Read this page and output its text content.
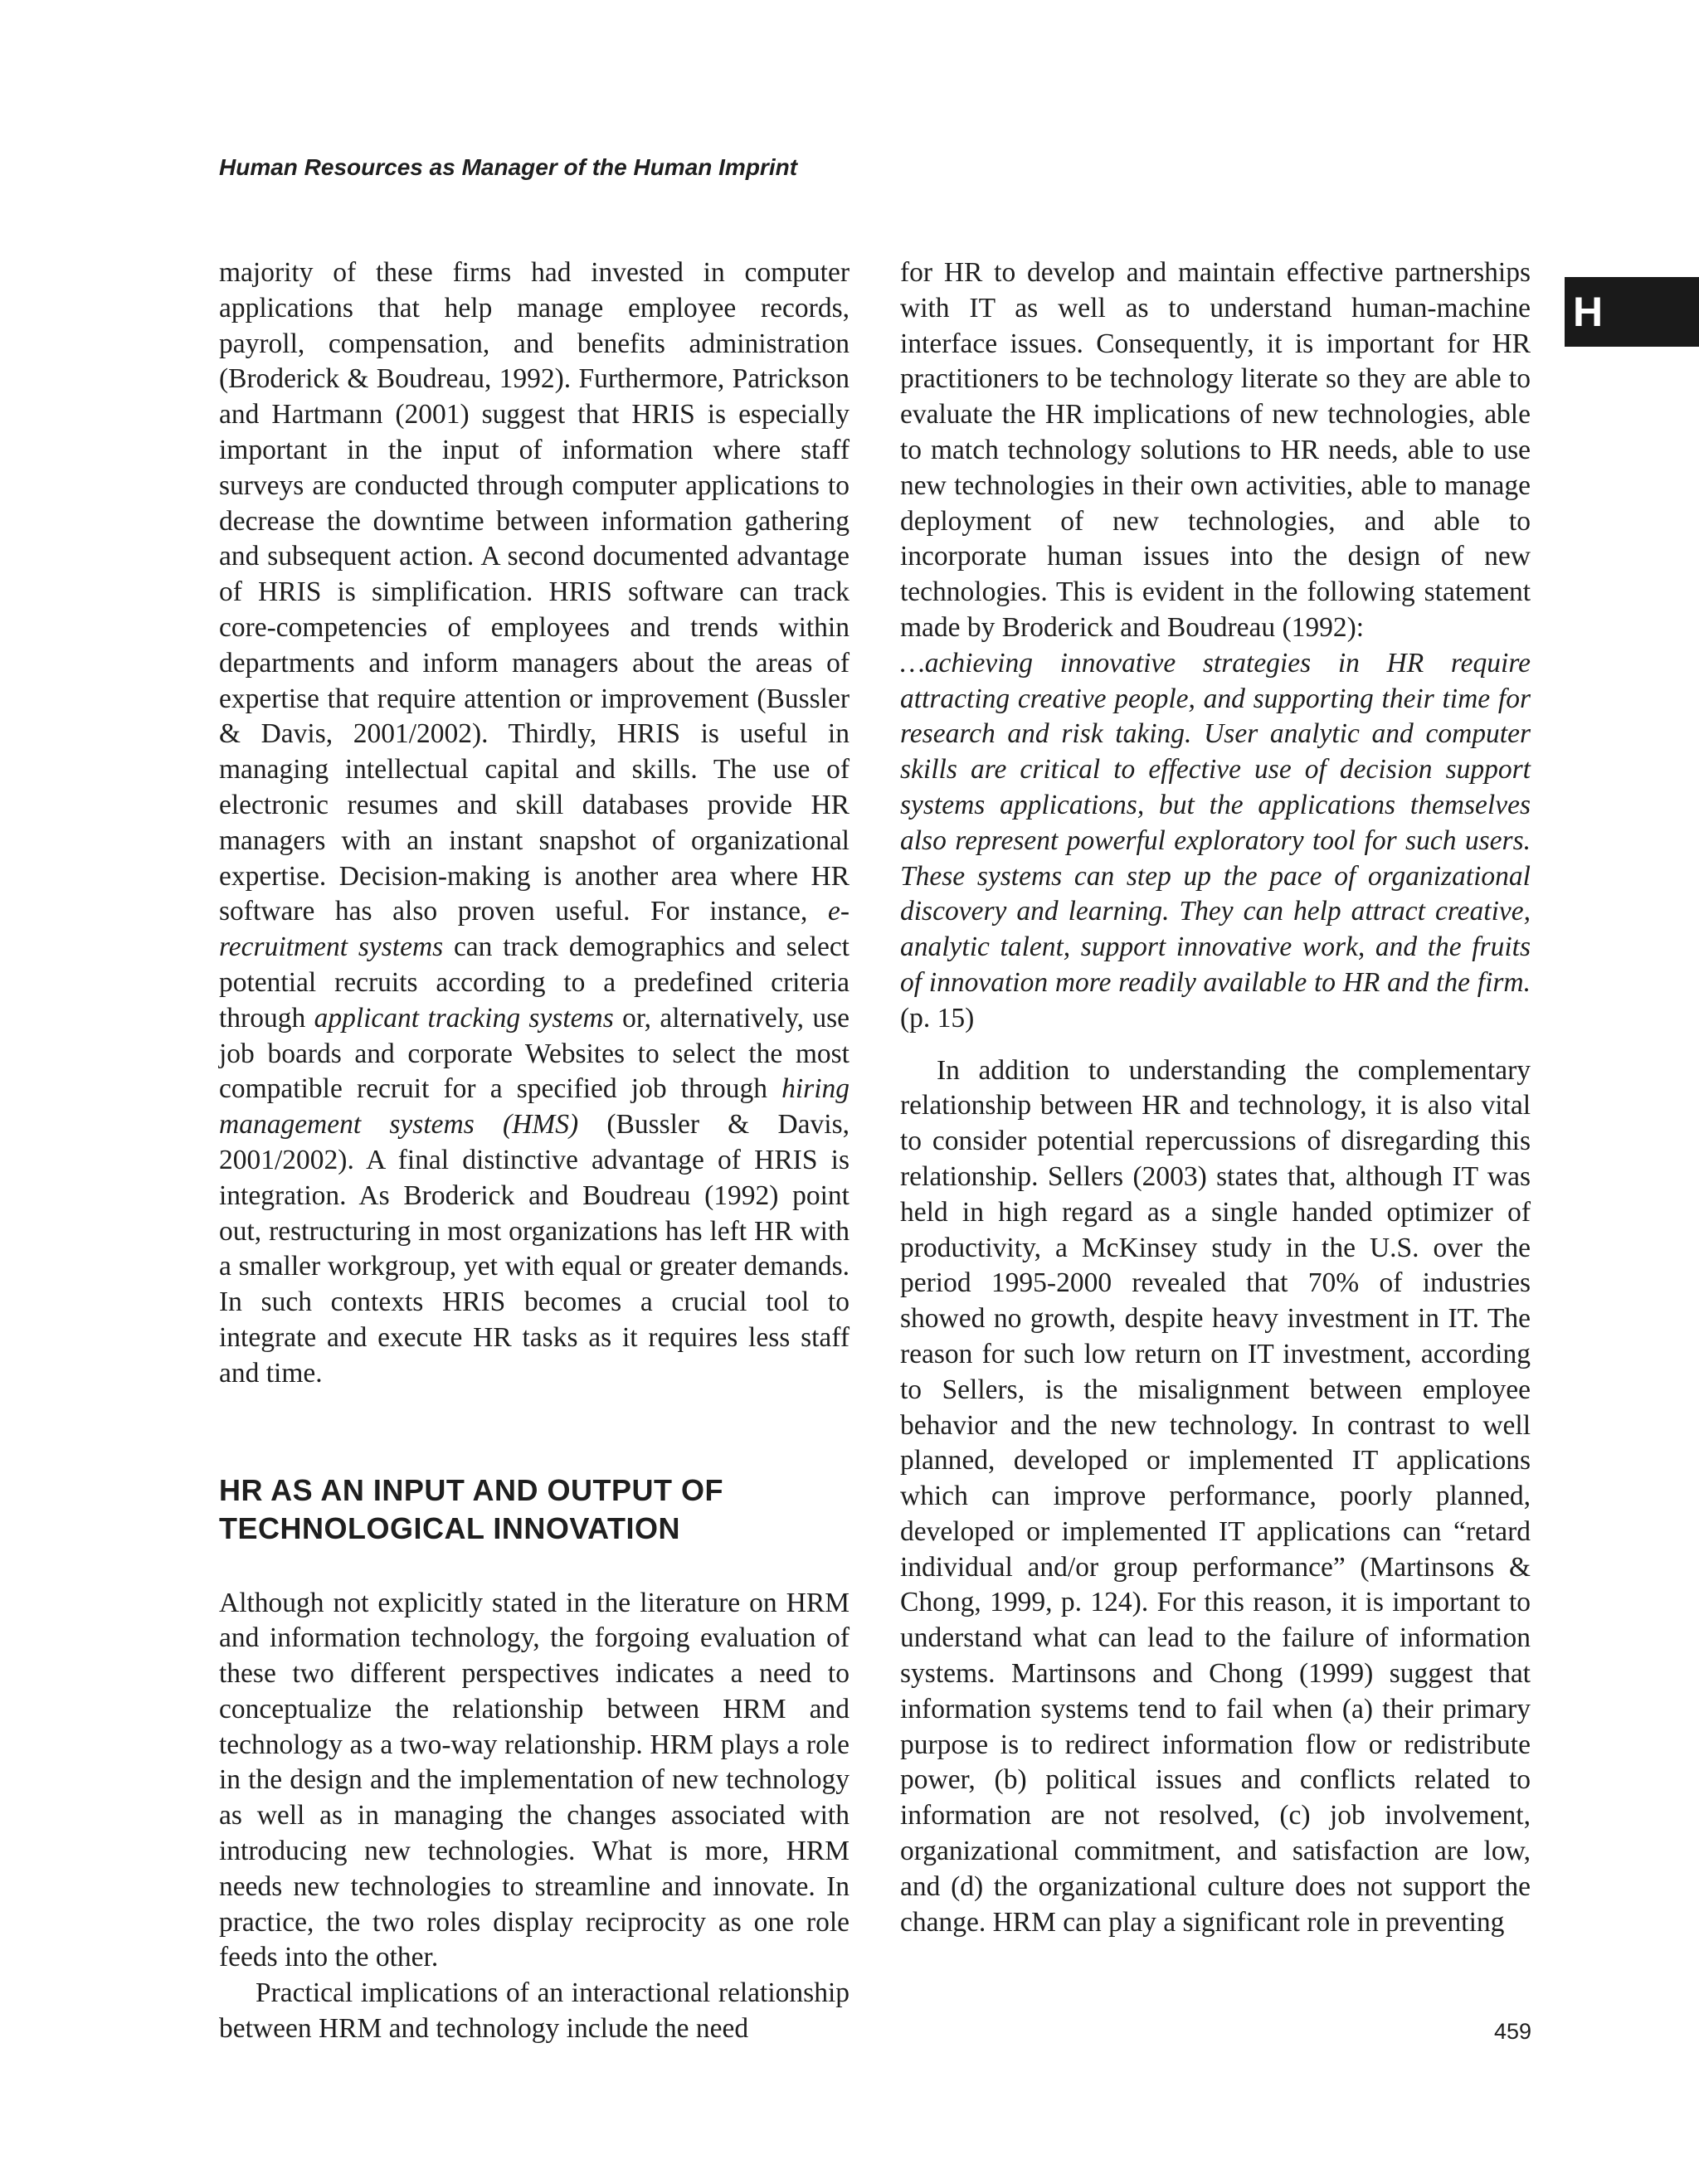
Human Resources as Manager of the Human Imprint
H

majority of these firms had invested in computer applications that help manage employee records, payroll, compensation, and benefits administration (Broderick & Boudreau, 1992). Furthermore, Patrickson and Hartmann (2001) suggest that HRIS is especially important in the input of information where staff surveys are conducted through computer applications to decrease the downtime between information gathering and subsequent action. A second documented advantage of HRIS is simplification. HRIS software can track core-competencies of employees and trends within departments and inform managers about the areas of expertise that require attention or improvement (Bussler & Davis, 2001/2002). Thirdly, HRIS is useful in managing intellectual capital and skills. The use of electronic resumes and skill databases provide HR managers with an instant snapshot of organizational expertise. Decision-making is another area where HR software has also proven useful. For instance, e-recruitment systems can track demographics and select potential recruits according to a predefined criteria through applicant tracking systems or, alternatively, use job boards and corporate Websites to select the most compatible recruit for a specified job through hiring management systems (HMS) (Bussler & Davis, 2001/2002). A final distinctive advantage of HRIS is integration. As Broderick and Boudreau (1992) point out, restructuring in most organizations has left HR with a smaller workgroup, yet with equal or greater demands. In such contexts HRIS becomes a crucial tool to integrate and execute HR tasks as it requires less staff and time.

HR AS AN INPUT AND OUTPUT OF
TECHNOLOGICAL INNOVATION

Although not explicitly stated in the literature on HRM and information technology, the forgoing evaluation of these two different perspectives indicates a need to conceptualize the relationship between HRM and technology as a two-way relationship. HRM plays a role in the design and the implementation of new technology as well as in managing the changes associated with introducing new technologies. What is more, HRM needs new technologies to streamline and innovate. In practice, the two roles display reciprocity as one role feeds into the other.

Practical implications of an interactional relationship between HRM and technology include the need

for HR to develop and maintain effective partnerships with IT as well as to understand human-machine interface issues. Consequently, it is important for HR practitioners to be technology literate so they are able to evaluate the HR implications of new technologies, able to match technology solutions to HR needs, able to use new technologies in their own activities, able to manage deployment of new technologies, and able to incorporate human issues into the design of new technologies. This is evident in the following statement made by Broderick and Boudreau (1992):

…achieving innovative strategies in HR require attracting creative people, and supporting their time for research and risk taking. User analytic and computer skills are critical to effective use of decision support systems applications, but the applications themselves also represent powerful exploratory tool for such users. These systems can step up the pace of organizational discovery and learning. They can help attract creative, analytic talent, support innovative work, and the fruits of innovation more readily available to HR and the firm. (p. 15)

In addition to understanding the complementary relationship between HR and technology, it is also vital to consider potential repercussions of disregarding this relationship. Sellers (2003) states that, although IT was held in high regard as a single handed optimizer of productivity, a McKinsey study in the U.S. over the period 1995-2000 revealed that 70% of industries showed no growth, despite heavy investment in IT. The reason for such low return on IT investment, according to Sellers, is the misalignment between employee behavior and the new technology. In contrast to well planned, developed or implemented IT applications which can improve performance, poorly planned, developed or implemented IT applications can “retard individual and/or group performance” (Martinsons & Chong, 1999, p. 124). For this reason, it is important to understand what can lead to the failure of information systems. Martinsons and Chong (1999) suggest that information systems tend to fail when (a) their primary purpose is to redirect information flow or redistribute power, (b) political issues and conflicts related to information are not resolved, (c) job involvement, organizational commitment, and satisfaction are low, and (d) the organizational culture does not support the change. HRM can play a significant role in preventing

459
